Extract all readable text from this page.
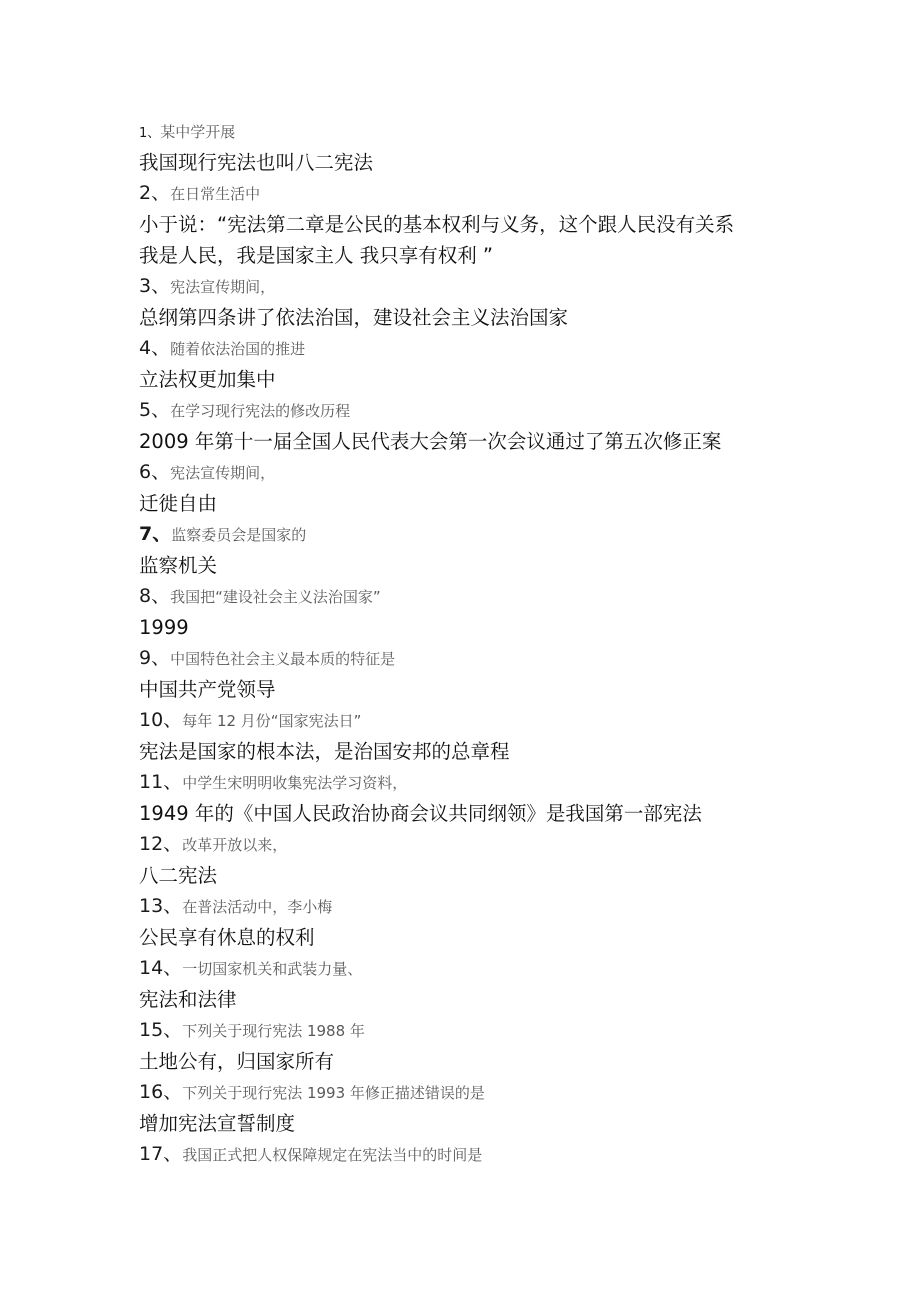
1、某中学开展
我国现行宪法也叫八二宪法
2、在日常生活中
小于说：“宪法第二章是公民的基本权利与义务，这个跟人民没有关系
我是人民，我是国家主人 我只享有权利 ”
3、宪法宣传期间，
总纲第四条讲了依法治国，建设社会主义法治国家
4、随着依法治国的推进
立法权更加集中
5、在学习现行宪法的修改历程
2009 年第十一届全国人民代表大会第一次会议通过了第五次修正案
6、宪法宣传期间，
迁徙自由
7、监察委员会是国家的
监察机关
8、我国把“建设社会主义法治国家”
1999
9、中国特色社会主义最本质的特征是
中国共产党领导
10、每年 12 月份“国家宪法日”
宪法是国家的根本法，是治国安邦的总章程
11、中学生宋明明收集宪法学习资料，
1949 年的《中国人民政治协商会议共同纲领》是我国第一部宪法
12、改革开放以来，
八二宪法
13、在普法活动中，李小梅
公民享有休息的权利
14、一切国家机关和武装力量、
宪法和法律
15、下列关于现行宪法 1988 年
土地公有，归国家所有
16、下列关于现行宪法 1993 年修正描述错误的是
增加宪法宣誓制度
17、我国正式把人权保障规定在宪法当中的时间是
